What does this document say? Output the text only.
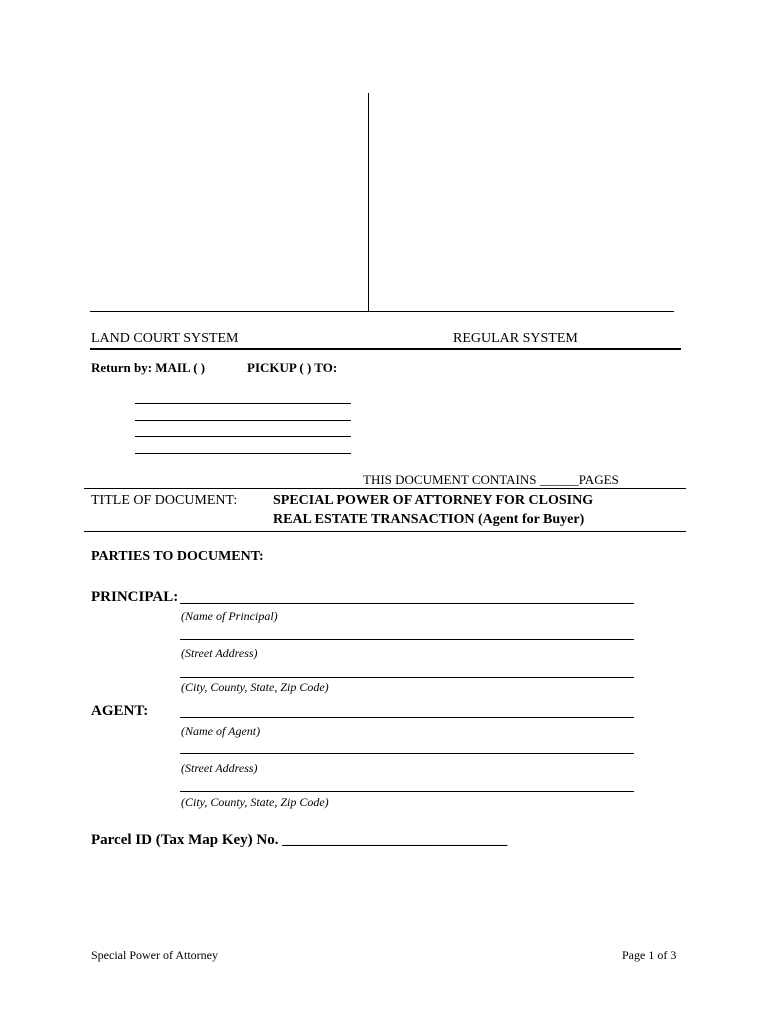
LAND COURT SYSTEM	REGULAR SYSTEM
Return by: MAIL ( )	PICKUP ( ) TO:
THIS DOCUMENT CONTAINS ______PAGES
TITLE OF DOCUMENT:	SPECIAL POWER OF ATTORNEY FOR CLOSING
REAL ESTATE TRANSACTION (Agent for Buyer)
PARTIES TO DOCUMENT:
PRINCIPAL:
(Name of Principal)
(Street Address)
(City, County, State, Zip Code)
AGENT:
(Name of Agent)
(Street Address)
(City, County, State, Zip Code)
Parcel ID (Tax Map Key) No. ______________________________
Special Power of Attorney	Page 1 of 3
